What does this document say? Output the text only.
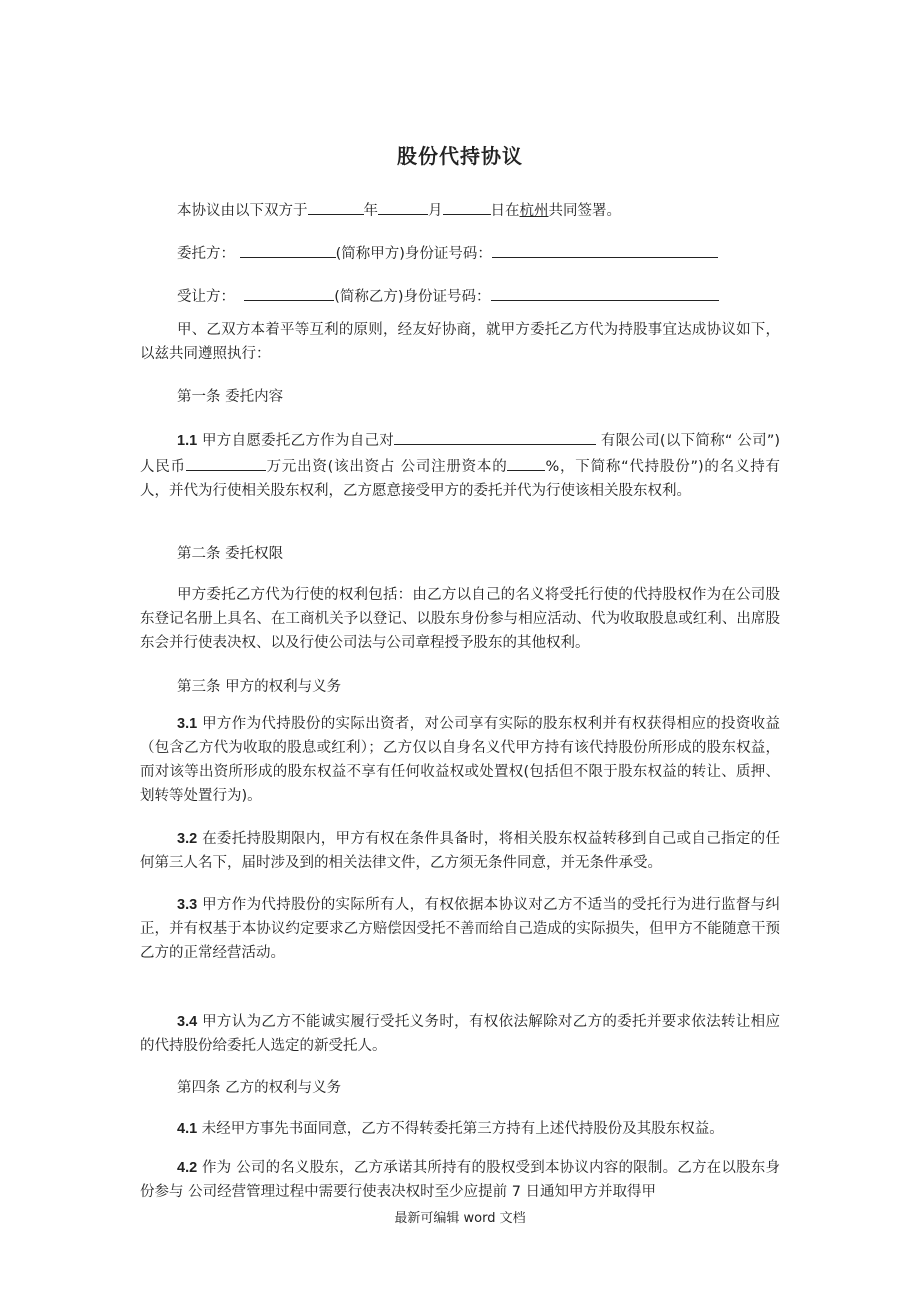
股份代持协议

本协议由以下双方于	年	月	日在杭州共同签署。

委托方：	(简称甲方)身份证号码：

受让方：	(简称乙方)身份证号码：

甲、乙双方本着平等互利的原则，经友好协商，就甲方委托乙方代为持股事宜达成协议如下，以兹共同遵照执行：

第一条 委托内容

1.1 甲方自愿委托乙方作为自己对	有限公司(以下简称“ 公司”)人民币	万元出资(该出资占 公司注册资本的	%，下简称“代持股份”)的名义持有人，并代为行使相关股东权利，乙方愿意接受甲方的委托并代为行使该相关股东权利。

第二条 委托权限

甲方委托乙方代为行使的权利包括：由乙方以自己的名义将受托行使的代持股权作为在公司股东登记名册上具名、在工商机关予以登记、以股东身份参与相应活动、代为收取股息或红利、出席股东会并行使表决权、以及行使公司法与公司章程授予股东的其他权利。

第三条 甲方的权利与义务

3.1 甲方作为代持股份的实际出资者，对公司享有实际的股东权利并有权获得相应的投资收益（包含乙方代为收取的股息或红利）；乙方仅以自身名义代甲方持有该代持股份所形成的股东权益，而对该等出资所形成的股东权益不享有任何收益权或处置权(包括但不限于股东权益的转让、质押、划转等处置行为)。

3.2 在委托持股期限内，甲方有权在条件具备时，将相关股东权益转移到自己或自己指定的任何第三人名下，届时涉及到的相关法律文件，乙方须无条件同意，并无条件承受。

3.3 甲方作为代持股份的实际所有人，有权依据本协议对乙方不适当的受托行为进行监督与纠正，并有权基于本协议约定要求乙方赔偿因受托不善而给自己造成的实际损失，但甲方不能随意干预乙方的正常经营活动。

3.4 甲方认为乙方不能诚实履行受托义务时，有权依法解除对乙方的委托并要求依法转让相应的代持股份给委托人选定的新受托人。

第四条 乙方的权利与义务

4.1 未经甲方事先书面同意，乙方不得转委托第三方持有上述代持股份及其股东权益。

4.2 作为 公司的名义股东，乙方承诺其所持有的股权受到本协议内容的限制。乙方在以股东身份参与 公司经营管理过程中需要行使表决权时至少应提前 7 日通知甲方并取得甲

最新可编辑 word 文档
